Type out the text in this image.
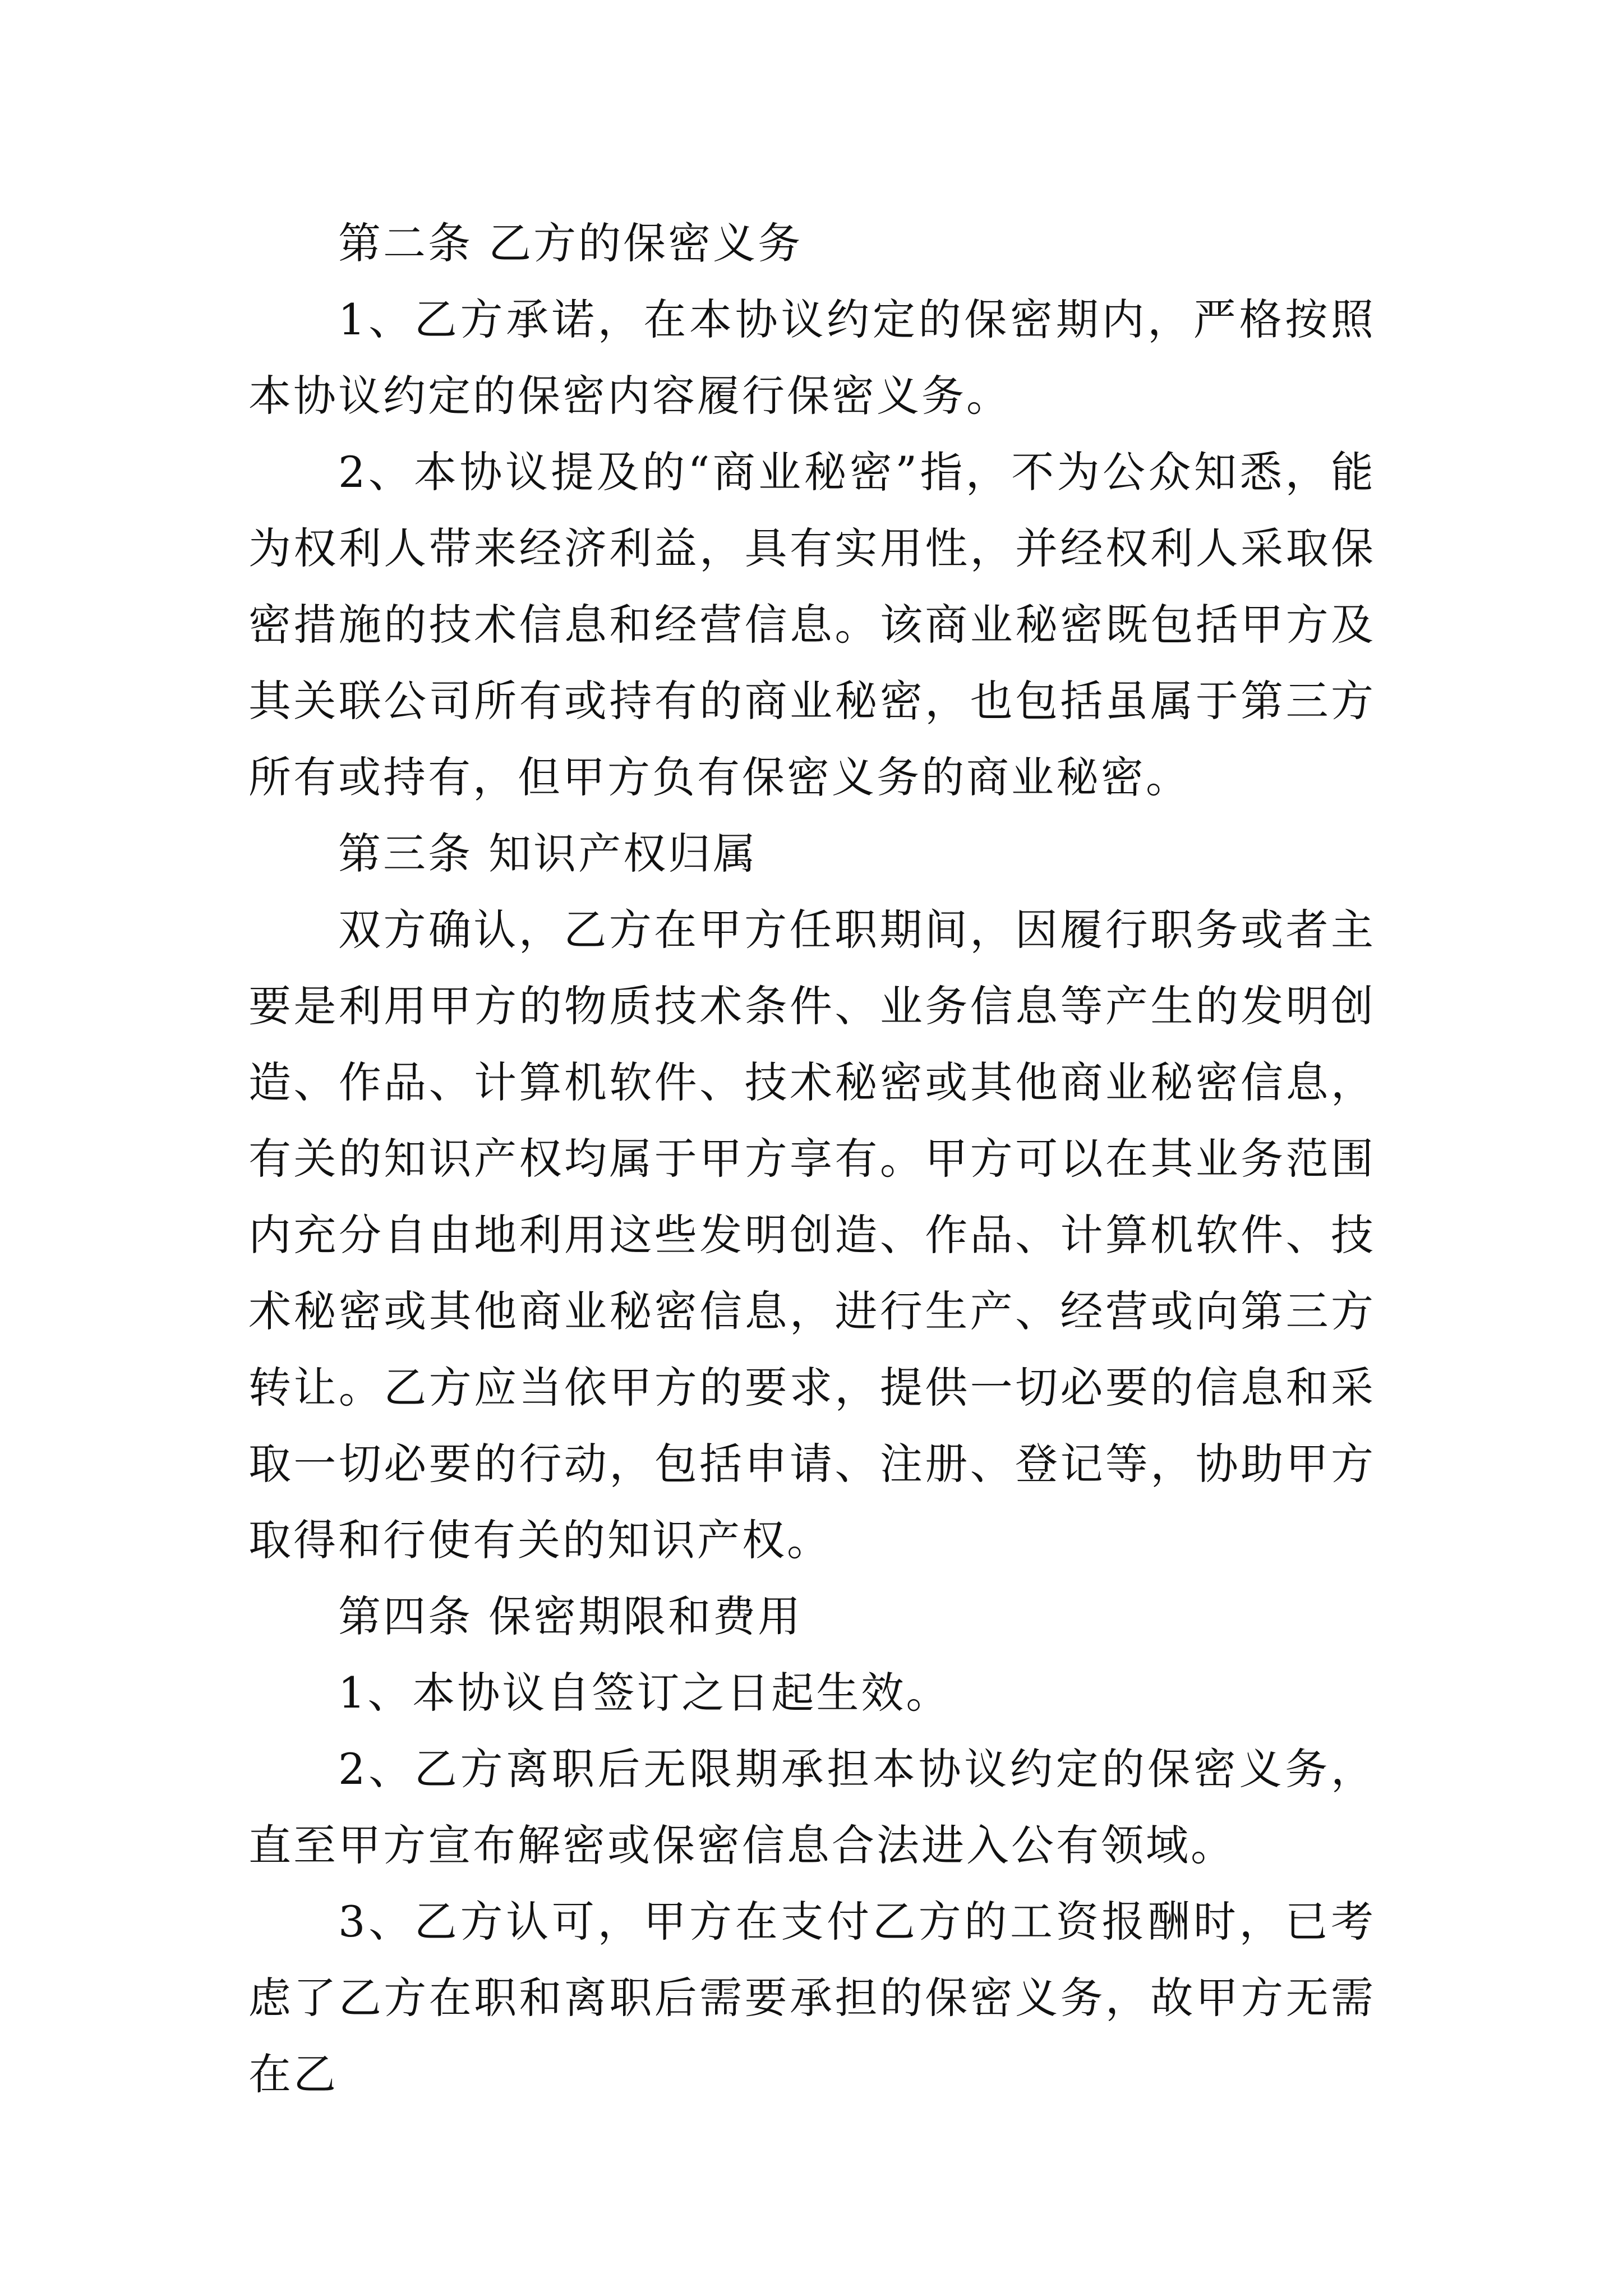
第二条 乙方的保密义务

1、乙方承诺，在本协议约定的保密期内，严格按照本协议约定的保密内容履行保密义务。

2、本协议提及的“商业秘密”指，不为公众知悉，能为权利人带来经济利益，具有实用性，并经权利人采取保密措施的技术信息和经营信息。该商业秘密既包括甲方及其关联公司所有或持有的商业秘密，也包括虽属于第三方所有或持有，但甲方负有保密义务的商业秘密。

第三条 知识产权归属

双方确认，乙方在甲方任职期间，因履行职务或者主要是利用甲方的物质技术条件、业务信息等产生的发明创造、作品、计算机软件、技术秘密或其他商业秘密信息，有关的知识产权均属于甲方享有。甲方可以在其业务范围内充分自由地利用这些发明创造、作品、计算机软件、技术秘密或其他商业秘密信息，进行生产、经营或向第三方转让。乙方应当依甲方的要求，提供一切必要的信息和采取一切必要的行动，包括申请、注册、登记等，协助甲方取得和行使有关的知识产权。

第四条 保密期限和费用

1、本协议自签订之日起生效。

2、乙方离职后无限期承担本协议约定的保密义务，直至甲方宣布解密或保密信息合法进入公有领域。

3、乙方认可，甲方在支付乙方的工资报酬时，已考虑了乙方在职和离职后需要承担的保密义务，故甲方无需在乙
